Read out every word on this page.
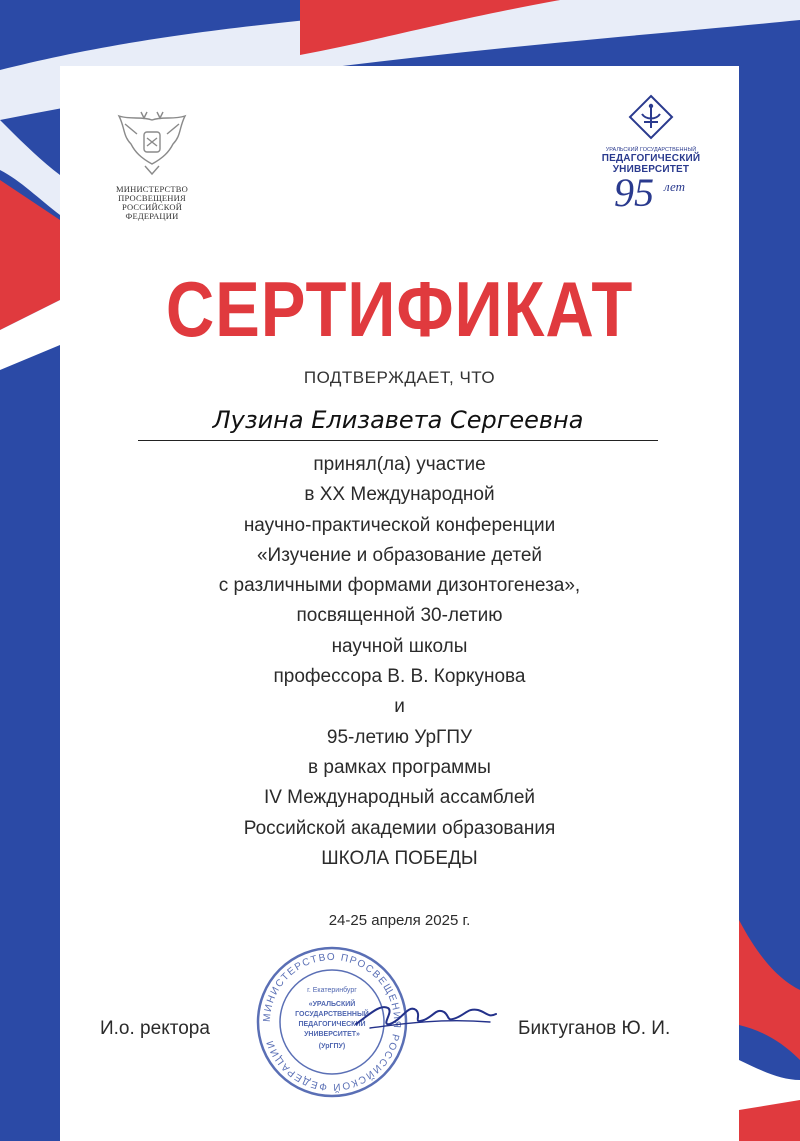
МИНИСТЕРСТВО
ПРОСВЕЩЕНИЯ
РОССИЙСКОЙ
ФЕДЕРАЦИИ
УРАЛЬСКИЙ ГОСУДАРСТВЕННЫЙ
ПЕДАГОГИЧЕСКИЙ
УНИВЕРСИТЕТ
95 лет
СЕРТИФИКАТ
ПОДТВЕРЖДАЕТ, ЧТО
Лузина Елизавета Сергеевна
принял(ла) участие
в XX Международной
научно-практической конференции
«Изучение и образование детей
с различными формами дизонтогенеза»,
посвященной 30-летию
научной школы
профессора В. В. Коркунова
и
95-летию УрГПУ
в рамках программы
IV Международный ассамблей
Российской академии образования
ШКОЛА ПОБЕДЫ
24-25 апреля 2025 г.
МИНИСТЕРСТВО ПРОСВЕЩЕНИЯ РОССИЙСКОЙ ФЕДЕРАЦИИ
г. Екатеринбург
«УРАЛЬСКИЙ
ГОСУДАРСТВЕННЫЙ
ПЕДАГОГИЧЕСКИЙ
УНИВЕРСИТЕТ»
(УрГПУ)
И.о. ректора	Биктуганов Ю. И.
